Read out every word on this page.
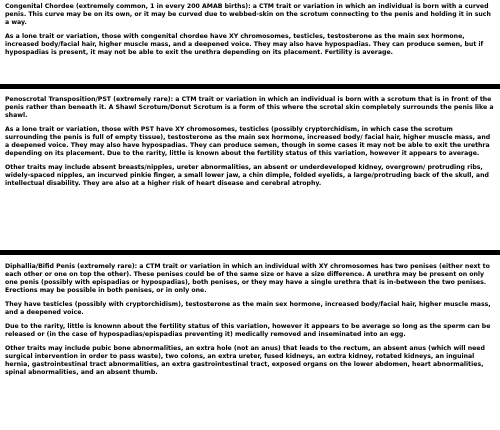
Congenital Chordee (extremely common, 1 in every 200 AMAB births): a CTM trait or variation in which an individual is born with a curved penis. This curve may be on its own, or it may be curved due to webbed-skin on the scrotum connecting to the penis and holding it in such a way.

As a lone trait or variation, those with congenital chordee have XY chromosomes, testicles, testosterone as the main sex hormone, increased body/facial hair, higher muscle mass, and a deepened voice. They may also have hypospadias. They can produce semen, but if hypospadias is present, it may not be able to exit the urethra depending on its placement. Fertility is average.

Penoscrotal Transposition/PST (extremely rare): a CTM trait or variation in which an individual is born with a scrotum that is in front of the penis rather than beneath it. A Shawl Scrotum/Donut Scrotum is a form of this where the scrotal skin completely surrounds the penis like a shawl.

As a lone trait or variation, those with PST have XY chromosomes, testicles (possibly cryptorchidism, in which case the scrotum surrounding the penis is full of empty tissue), testosterone as the main sex hormone, increased body/ facial hair, higher muscle mass, and a deepened voice. They may also have hypospadias. They can produce semen, though in some cases it may not be able to exit the urethra depending on its placement. Due to the rarity, little is known about the fertility status of this variation, however it appears to average.

Other traits may include absent breasts/nipples, ureter abnormalities, an absent or underdeveloped kidney, overgrown/ protruding ribs, widely-spaced nipples, an incurved pinkie finger, a small lower jaw, a chin dimple, folded eyelids, a large/protruding back of the skull, and intellectual disability. They are also at a higher risk of heart disease and cerebral atrophy.

Diphallia/Bifid Penis (extremely rare): a CTM trait or variation in which an individual with XY chromosomes has two penises (either next to each other or one on top the other). These penises could be of the same size or have a size difference. A urethra may be present on only one penis (possibly with epispadias or hypospadias), both penises, or they may have a single urethra that is in-between the two penises. Erections may be possible in both penises, or in only one.

They have testicles (possibly with cryptorchidism), testosterone as the main sex hormone, increased body/facial hair, higher muscle mass, and a deepened voice.

Due to the rarity, little is knownn about the fertility status of this variation, however it appears to be average so long as the sperm can be released or (in the case of hypospadias/epispadias preventing it) medically removed and inseminated into an egg.

Other traits may include pubic bone abnormalities, an extra hole (not an anus) that leads to the rectum, an absent anus (which will need surgical intervention in order to pass waste), two colons, an extra ureter, fused kidneys, an extra kidney, rotated kidneys, an inguinal hernia, gastrointestinal tract abnormalities, an extra gastrointestinal tract, exposed organs on the lower abdomen, heart abnormalities, spinal abnormalities, and an absent thumb.
